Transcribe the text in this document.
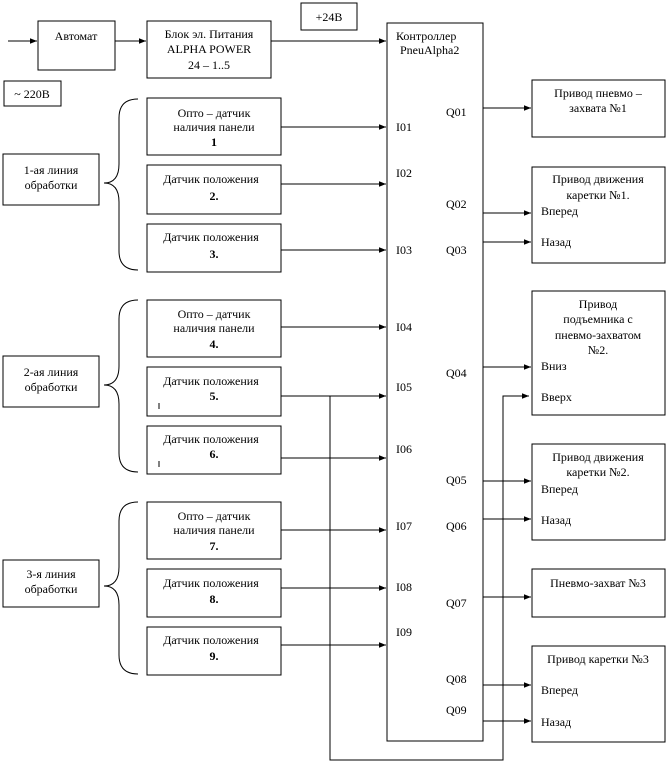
Автомат	Блок эл. Питания
ALPHA POWER
24 – 1..5
+24В
~ 220В
Контроллер
PneuAlpha2
I01
I02
I03
I04
I05
I06
I07
I08
I09
Q01
Q02
Q03
Q04
Q05
Q06
Q07
Q08
Q09
1-ая линия
обработки
2-ая линия
обработки
3-я линия
обработки
Опто – датчик
наличия панели
1
Датчик положения
2.
Датчик положения
3.
Опто – датчик
наличия панели
4.
Датчик положения
5.
Датчик положения
6.
Опто – датчик
наличия панели
7.
Датчик положения
8.
Датчик положения
9.
Привод пневмо –
захвата №1
Привод движения
каретки №1.
Вперед
Назад
Привод
подъемника с
пневмо-захватом
№2.
Вниз
Вверх
Привод движения
каретки №2.
Вперед
Назад
Пневмо-захват №3
Привод каретки №3
Вперед
Назад
